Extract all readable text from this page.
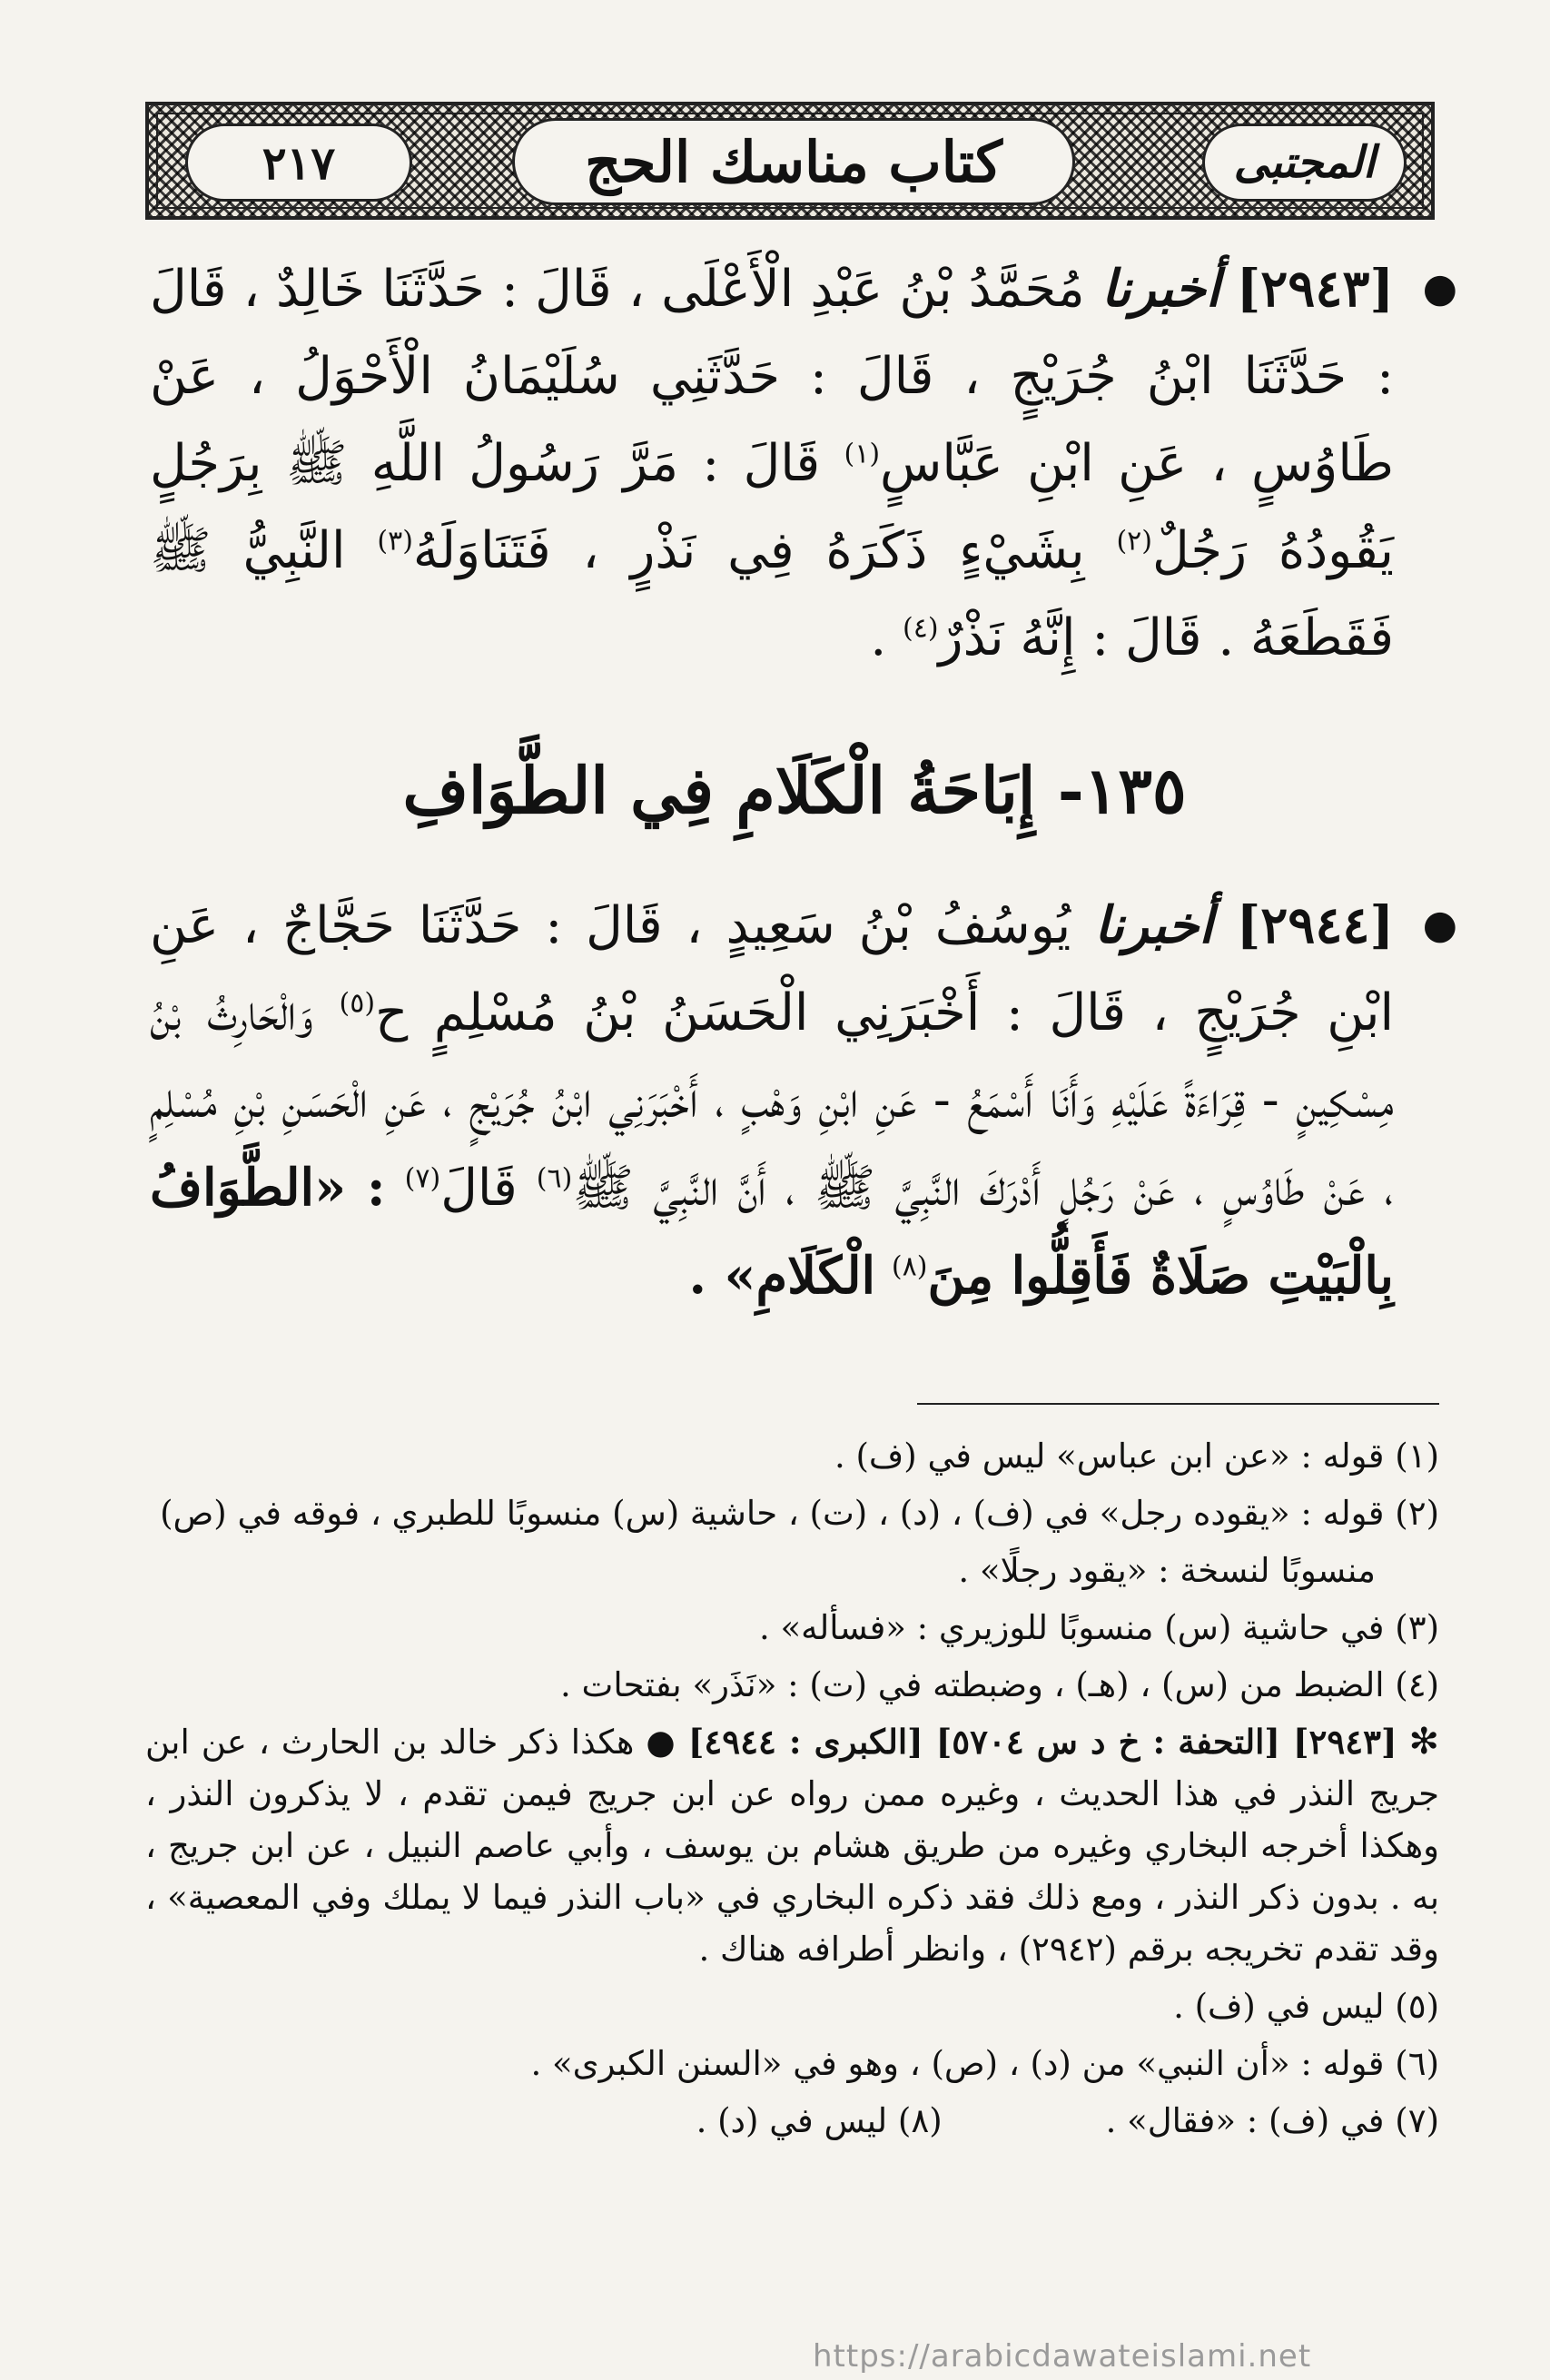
٢١٧	كتاب مناسك الحج	المجتبى

●
[٢٩٤٣] أخبرنا مُحَمَّدُ بْنُ عَبْدِ الْأَعْلَى ، قَالَ : حَدَّثَنَا خَالِدٌ ، قَالَ : حَدَّثَنَا ابْنُ جُرَيْجٍ ، قَالَ : حَدَّثَنِي سُلَيْمَانُ الْأَحْوَلُ ، عَنْ طَاوُسٍ ، عَنِ ابْنِ عَبَّاسٍ$^{(١)}$ قَالَ : مَرَّ رَسُولُ اللَّهِ ﷺ بِرَجُلٍ يَقُودُهُ رَجُلٌ$^{(٢)}$ بِشَيْءٍ ذَكَرَهُ فِي نَذْرٍ ، فَتَنَاوَلَهُ$^{(٣)}$ النَّبِيُّ ﷺ فَقَطَعَهُ . قَالَ : إِنَّهُ نَذْرٌ$^{(٤)}$ .

١٣٥- إِبَاحَةُ الْكَلَامِ فِي الطَّوَافِ

●
[٢٩٤٤] أخبرنا يُوسُفُ بْنُ سَعِيدٍ ، قَالَ : حَدَّثَنَا حَجَّاجٌ ، عَنِ ابْنِ جُرَيْجٍ ، قَالَ : أَخْبَرَنِي الْحَسَنُ بْنُ مُسْلِمٍ ح$^{(٥)}$ وَالْحَارِثُ بْنُ مِسْكِينٍ - قِرَاءَةً عَلَيْهِ وَأَنَا أَسْمَعُ - عَنِ ابْنِ وَهْبٍ ، أَخْبَرَنِي ابْنُ جُرَيْجٍ ، عَنِ الْحَسَنِ بْنِ مُسْلِمٍ ، عَنْ طَاوُسٍ ، عَنْ رَجُلٍ أَدْرَكَ النَّبِيَّ ﷺ ، أَنَّ النَّبِيَّ ﷺ$^{(٦)}$ قَالَ$^{(٧)}$ : «الطَّوَافُ بِالْبَيْتِ صَلَاةٌ فَأَقِلُّوا مِنَ$^{(٨)}$ الْكَلَامِ» .

(١) قوله : «عن ابن عباس» ليس في (ف) .
(٢) قوله : «يقوده رجل» في (ف) ، (د) ، (ت) ، حاشية (س) منسوبًا للطبري ، فوقه في (ص)
منسوبًا لنسخة : «يقود رجلًا» .
(٣) في حاشية (س) منسوبًا للوزيري : «فسأله» .
(٤) الضبط من (س) ، (هـ) ، وضبطته في (ت) : «نَذَر» بفتحات .
✻ [٢٩٤٣] [التحفة : خ د س ٥٧٠٤] [الكبرى : ٤٩٤٤] ● هكذا ذكر خالد بن الحارث ، عن ابن جريج النذر في هذا الحديث ، وغيره ممن رواه عن ابن جريج فيمن تقدم ، لا يذكرون النذر ، وهكذا أخرجه البخاري وغيره من طريق هشام بن يوسف ، وأبي عاصم النبيل ، عن ابن جريج ، به . بدون ذكر النذر ، ومع ذلك فقد ذكره البخاري في «باب النذر فيما لا يملك وفي المعصية» ، وقد تقدم تخريجه برقم (٢٩٤٢) ، وانظر أطرافه هناك .
(٥) ليس في (ف) .
(٦) قوله : «أن النبي» من (د) ، (ص) ، وهو في «السنن الكبرى» .
(٧) في (ف) : «فقال» .
(٨) ليس في (د) .
https://arabicdawateislami.net
